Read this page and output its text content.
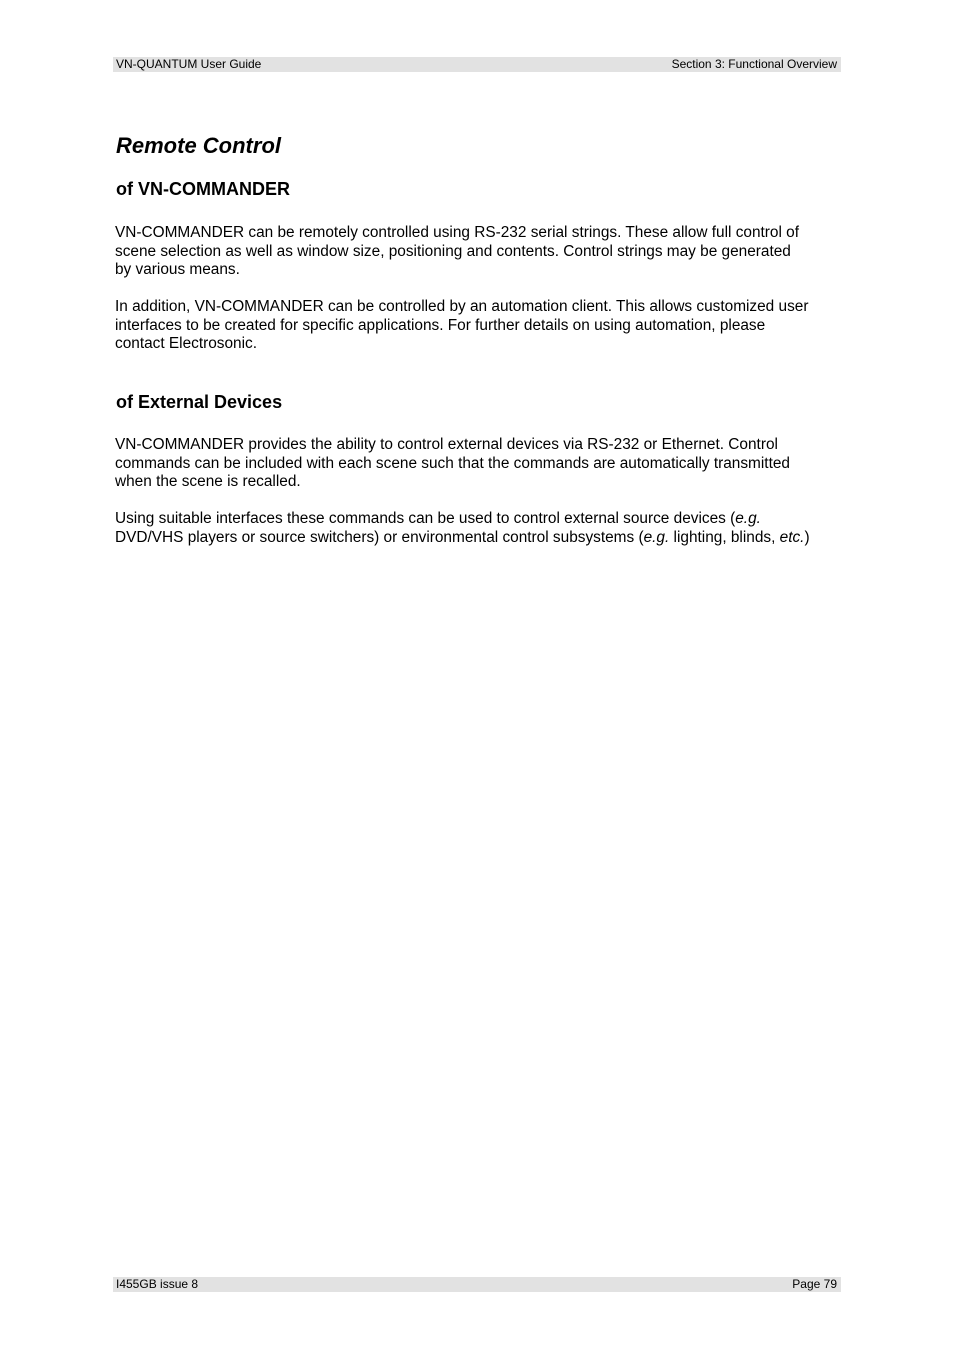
VN-QUANTUM User Guide	Section 3: Functional Overview
Remote Control
of VN-COMMANDER

VN-COMMANDER can be remotely controlled using RS-232 serial strings. These allow full control of
scene selection as well as window size, positioning and contents. Control strings may be generated
by various means.

In addition, VN-COMMANDER can be controlled by an automation client. This allows customized user
interfaces to be created for specific applications. For further details on using automation, please
contact Electrosonic.

of External Devices

VN-COMMANDER provides the ability to control external devices via RS-232 or Ethernet. Control
commands can be included with each scene such that the commands are automatically transmitted
when the scene is recalled.

Using suitable interfaces these commands can be used to control external source devices (e.g.
DVD/VHS players or source switchers) or environmental control subsystems (e.g. lighting, blinds, etc.)

I455GB issue 8	Page 79
